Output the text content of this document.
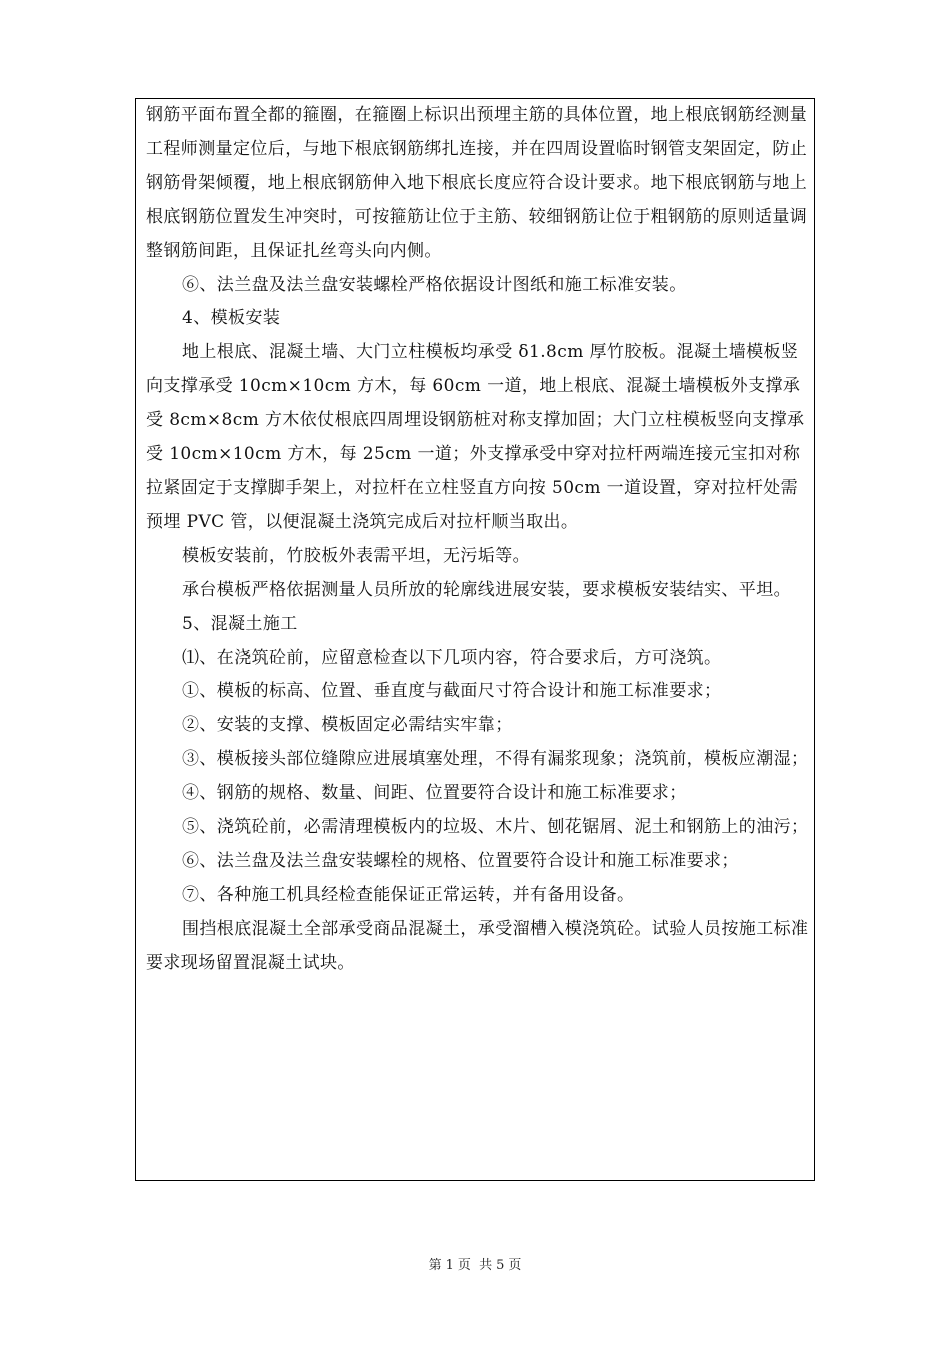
钢筋平面布置全都的箍圈，在箍圈上标识出预埋主筋的具体位置，地上根底钢筋经测量工程师测量定位后，与地下根底钢筋绑扎连接，并在四周设置临时钢管支架固定，防止钢筋骨架倾覆，地上根底钢筋伸入地下根底长度应符合设计要求。地下根底钢筋与地上根底钢筋位置发生冲突时，可按箍筋让位于主筋、较细钢筋让位于粗钢筋的原则适量调整钢筋间距，且保证扎丝弯头向内侧。

⑥、法兰盘及法兰盘安装螺栓严格依据设计图纸和施工标准安装。

4、模板安装

地上根底、混凝土墙、大门立柱模板均承受 δ1.8cm 厚竹胶板。混凝土墙模板竖向支撑承受 10cm×10cm 方木，每 60cm 一道，地上根底、混凝土墙模板外支撑承受 8cm×8cm 方木依仗根底四周埋设钢筋桩对称支撑加固；大门立柱模板竖向支撑承受 10cm×10cm 方木，每 25cm 一道；外支撑承受中穿对拉杆两端连接元宝扣对称拉紧固定于支撑脚手架上，对拉杆在立柱竖直方向按 50cm 一道设置，穿对拉杆处需预埋 PVC 管，以便混凝土浇筑完成后对拉杆顺当取出。

模板安装前，竹胶板外表需平坦，无污垢等。

承台模板严格依据测量人员所放的轮廓线进展安装，要求模板安装结实、平坦。

5、混凝土施工

⑴、在浇筑砼前，应留意检查以下几项内容，符合要求后，方可浇筑。

①、模板的标高、位置、垂直度与截面尺寸符合设计和施工标准要求；

②、安装的支撑、模板固定必需结实牢靠；

③、模板接头部位缝隙应进展填塞处理，不得有漏浆现象；浇筑前，模板应潮湿；

④、钢筋的规格、数量、间距、位置要符合设计和施工标准要求；

⑤、浇筑砼前，必需清理模板内的垃圾、木片、刨花锯屑、泥土和钢筋上的油污；

⑥、法兰盘及法兰盘安装螺栓的规格、位置要符合设计和施工标准要求；

⑦、各种施工机具经检查能保证正常运转，并有备用设备。

围挡根底混凝土全部承受商品混凝土，承受溜槽入模浇筑砼。试验人员按施工标准要求现场留置混凝土试块。

第 1 页 共 5 页
